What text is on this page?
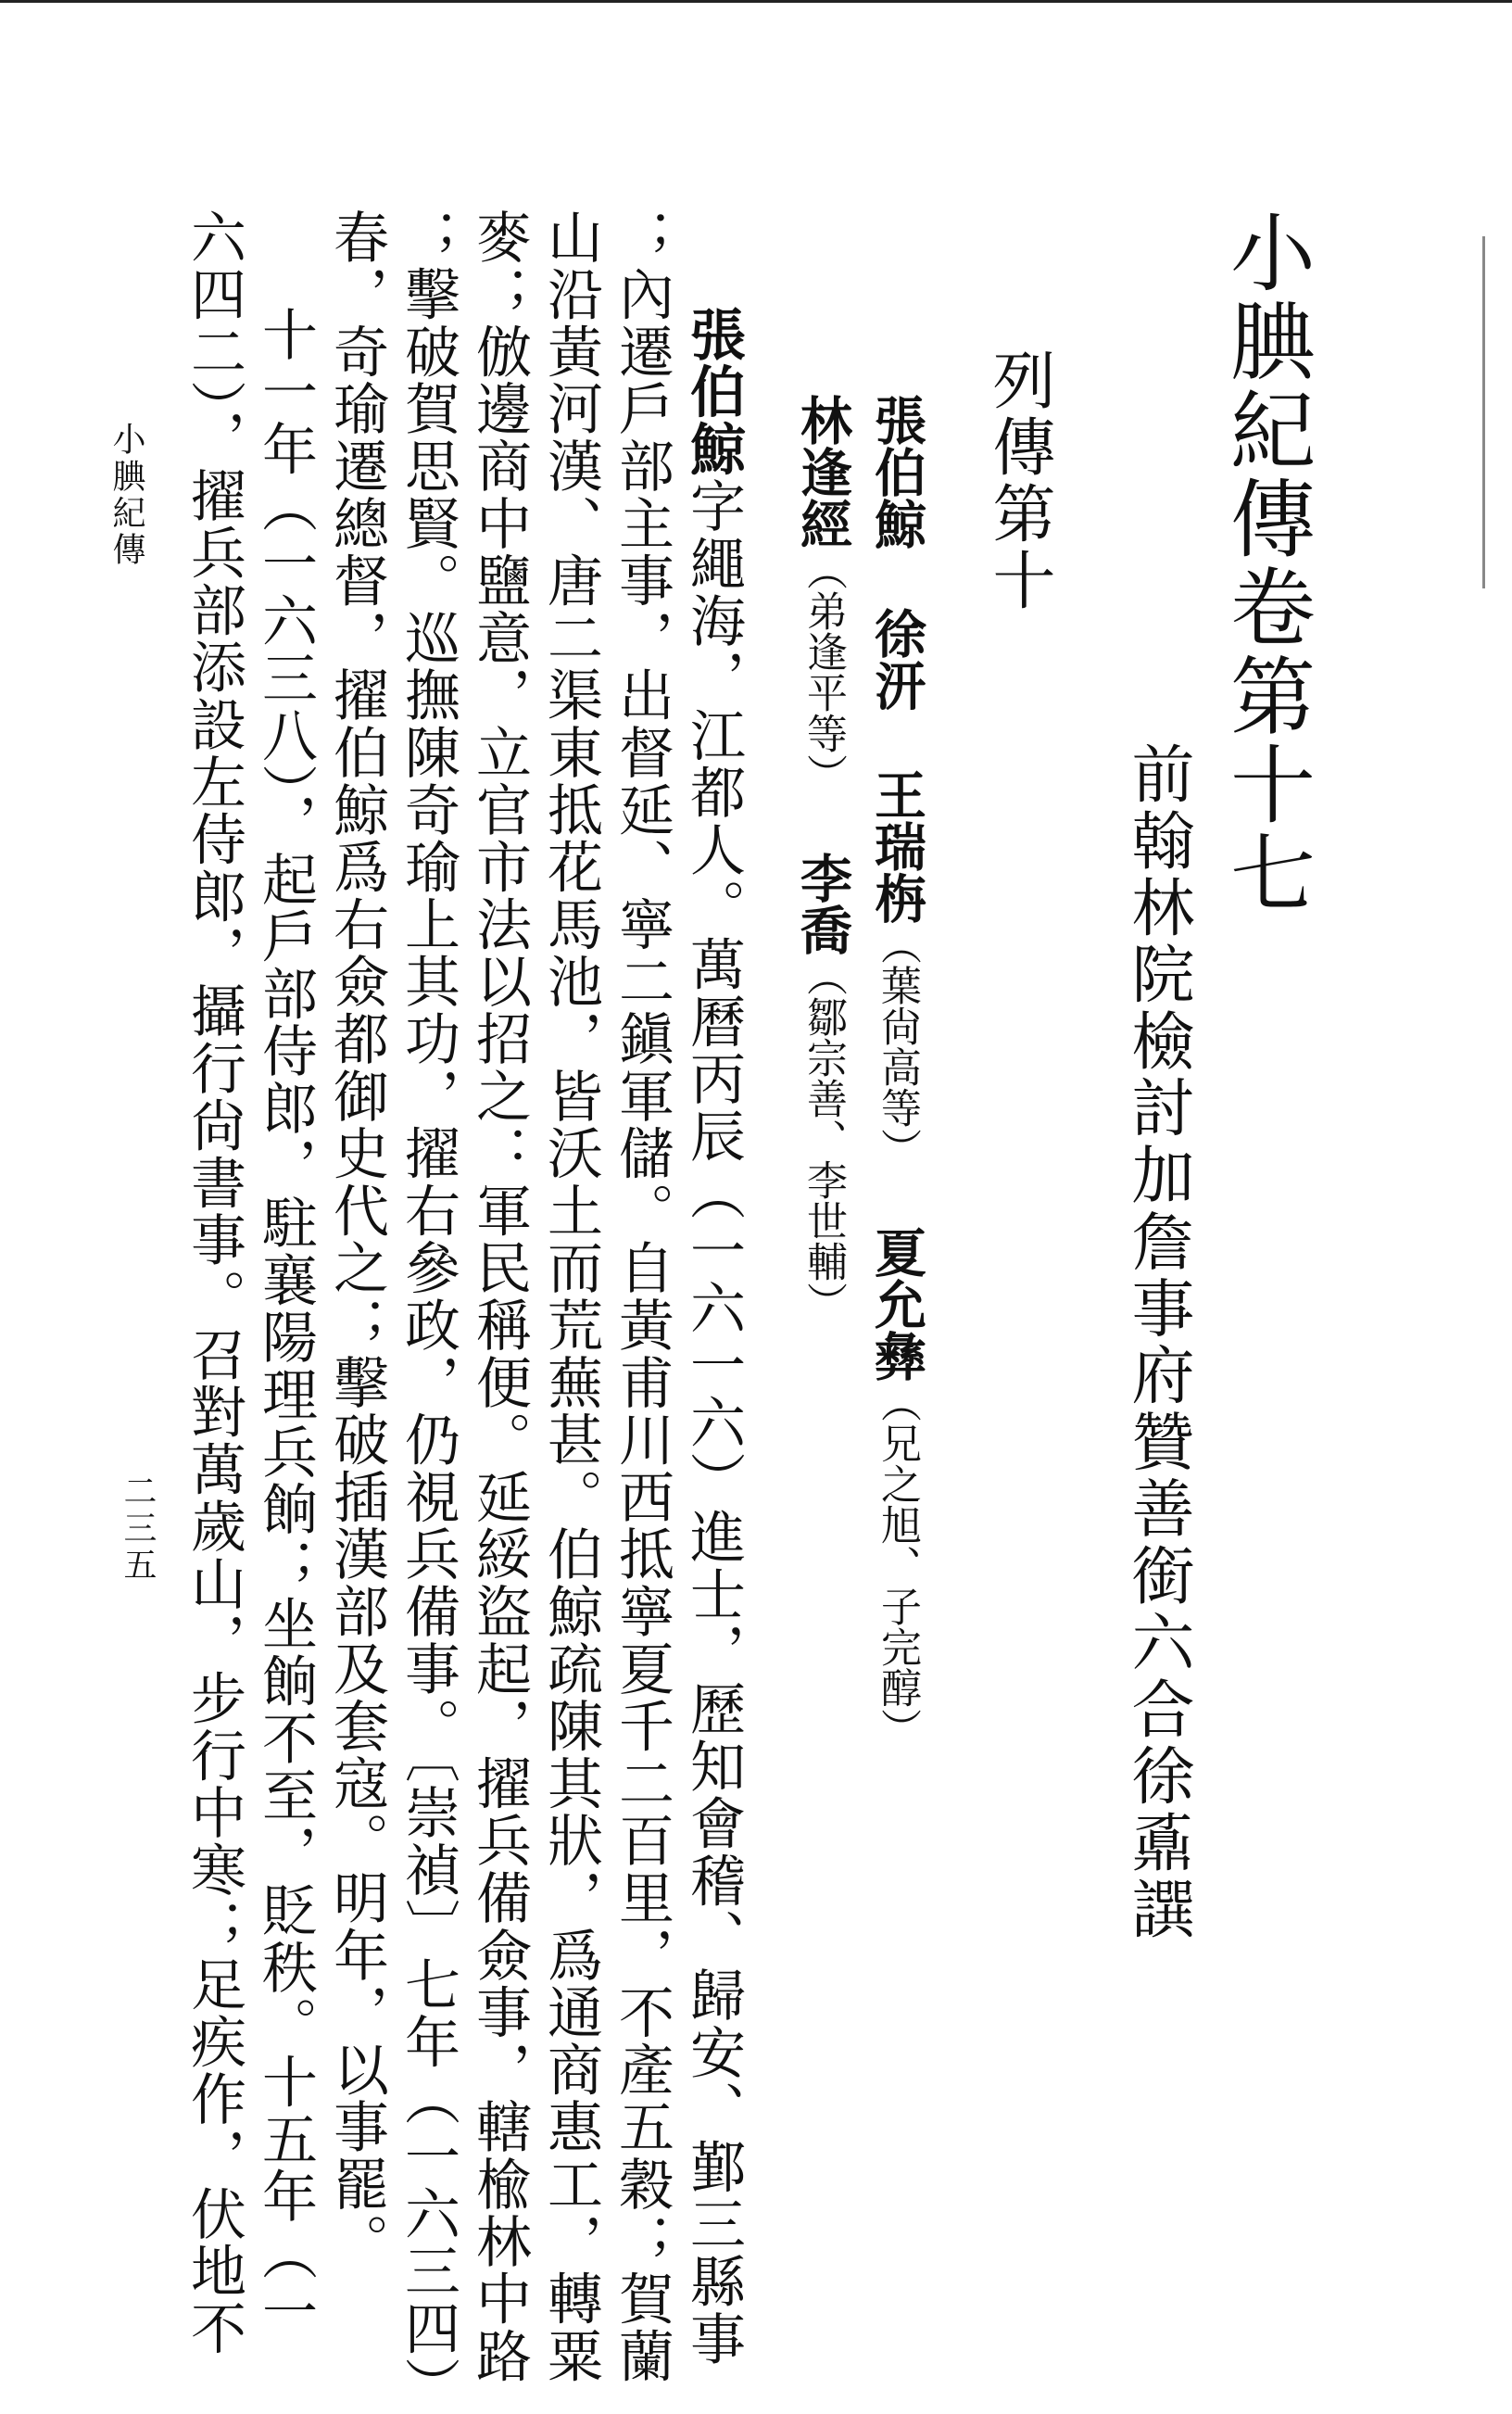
小腆紀傳卷第十七
前翰林院檢討加詹事府贊善銜六合徐鼒譔
列傳第十
張伯鯨徐汧王瑞栴（葉尙高等）夏允彝（兄之旭、子完醇）
林逢經（弟逢平等）李喬（鄒宗善、李世輔）
張伯鯨字繩海，江都人。萬曆丙辰（一六一六）進士，歷知會稽、歸安、鄞三縣事
；內遷戶部主事，出督延、寧二鎭軍儲。自黃甫川西抵寧夏千二百里，不產五穀；賀蘭
山沿黃河漢、唐二渠東抵花馬池，皆沃土而荒蕪甚。伯鯨疏陳其狀，爲通商惠工，轉粟
麥；倣邊商中鹽意，立官市法以招之：軍民稱便。延綏盜起，擢兵備僉事，轄楡林中路
；擊破賀思賢。巡撫陳奇瑜上其功，擢右參政，仍視兵備事。〔崇禎〕七年（一六三四）
春，奇瑜遷總督，擢伯鯨爲右僉都御史代之；擊破插漢部及套寇。明年，以事罷。
十一年（一六三八），起戶部侍郎，駐襄陽理兵餉；坐餉不至，貶秩。十五年（一
六四二），擢兵部添設左侍郎，攝行尙書事。召對萬歲山，步行中寒；足疾作，伏地不
小腆紀傳
二三五
